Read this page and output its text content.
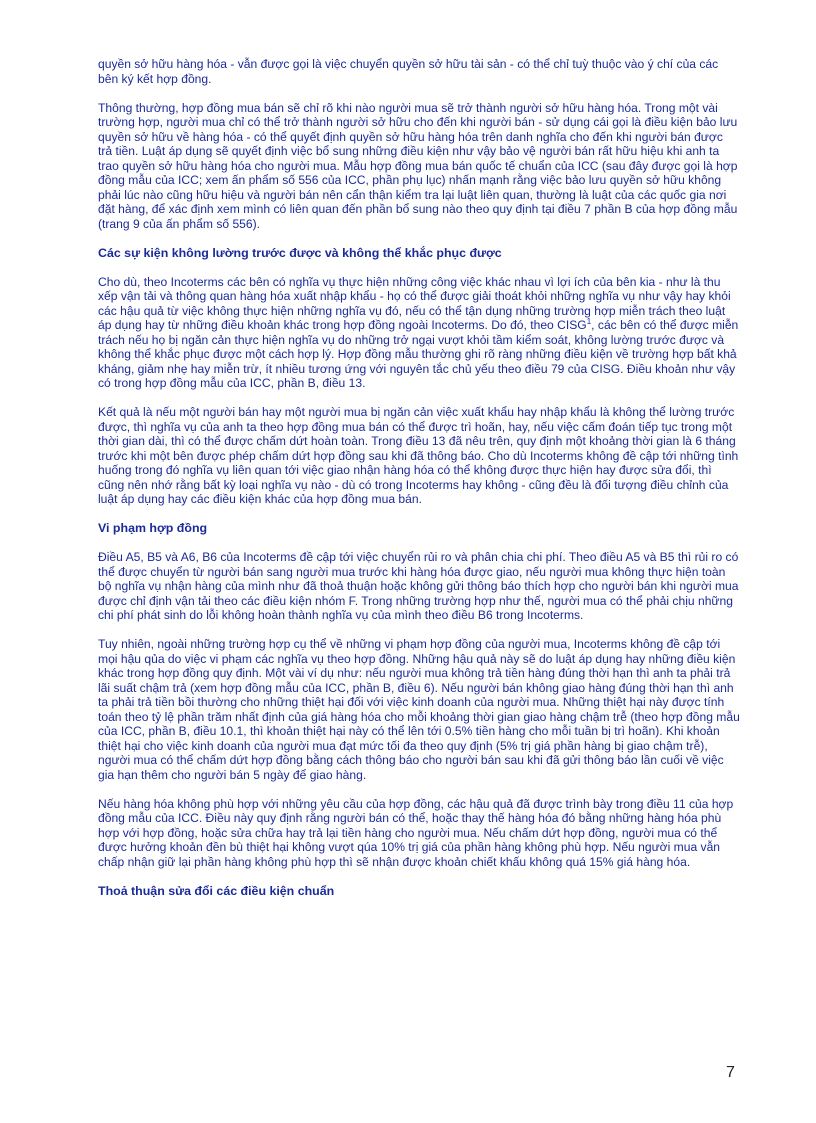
quyền sở hữu hàng hóa - vẫn được gọi là việc chuyển quyền sở hữu tài sản - có thể chỉ tuỳ thuộc vào ý chí của các bên ký kết hợp đồng.

Thông thường, hợp đồng mua bán sẽ chỉ rõ khi nào người mua sẽ trở thành người sở hữu hàng hóa. Trong một vài trường hợp, người mua chỉ có thể trở thành người sở hữu cho đến khi người bán - sử dụng cái gọi là điều kiện bảo lưu quyền sở hữu về hàng hóa - có thể quyết định quyền sở hữu hàng hóa trên danh nghĩa cho đến khi người bán được trả tiền. Luật áp dụng sẽ quyết định việc bổ sung những điều kiện như vậy bảo vệ người bán rất hữu hiệu khi anh ta trao quyền sở hữu hàng hóa cho người mua. Mẫu hợp đồng mua bán quốc tế chuẩn của ICC (sau đây được gọi là hợp đồng mẫu của ICC; xem ấn phẩm số 556 của ICC, phần phụ lục) nhấn mạnh rằng việc bảo lưu quyền sở hữu không phải lúc nào cũng hữu hiệu và người bán nên cẩn thận kiểm tra lại luật liên quan, thường là luật của các quốc gia nơi đặt hàng, để xác định xem mình có liên quan đến phần bổ sung nào theo quy định tại điều 7 phần B của hợp đồng mẫu (trang 9 của ấn phẩm số 556).

Các sự kiện không lường trước được và không thể khắc phục được

Cho dù, theo Incoterms các bên có nghĩa vụ thực hiện những công việc khác nhau vì lợi ích của bên kia - như là thu xếp vận tải và thông quan hàng hóa xuất nhập khẩu - họ có thể được giải thoát khỏi những nghĩa vụ như vậy hay khỏi các hậu quả từ việc không thực hiện những nghĩa vụ đó, nếu có thể tận dụng những trường hợp miễn trách theo luật áp dụng hay từ những điều khoản khác trong hợp đồng ngoài Incoterms. Do đó, theo CISG$^1$, các bên có thể được miễn trách nếu họ bị ngăn cản thực hiện nghĩa vụ do những trở ngại vượt khỏi tầm kiểm soát, không lường trước được và không thể khắc phục được một cách hợp lý. Hợp đồng mẫu thường ghi rõ ràng những điều kiện về trường hợp bất khả kháng, giảm nhẹ hay miễn trừ, ít nhiều tương ứng với nguyên tắc chủ yếu theo điều 79 của CISG. Điều khoản như vậy có trong hợp đồng mẫu của ICC, phần B, điều 13.

Kết quả là nếu một người bán hay một người mua bị ngăn cản việc xuất khẩu hay nhập khẩu là không thể lường trước được, thì nghĩa vụ của anh ta theo hợp đồng mua bán có thể được trì hoãn, hay, nếu việc cấm đoán tiếp tục trong một thời gian dài, thì có thể được chấm dứt hoàn toàn. Trong điều 13 đã nêu trên, quy định một khoảng thời gian là 6 tháng trước khi một bên được phép chấm dứt hợp đồng sau khi đã thông báo. Cho dù Incoterms không đề cập tới những tình huống trong đó nghĩa vụ liên quan tới việc giao nhận hàng hóa có thể không được thực hiện hay được sửa đổi, thì cũng nên nhớ rằng bất kỳ loại nghĩa vụ nào - dù có trong Incoterms hay không - cũng đều là đối tượng điều chỉnh của luật áp dụng hay các điều kiện khác của hợp đồng mua bán.

Vi phạm hợp đồng

Điều A5, B5 và A6, B6 của Incoterms đề cập tới việc chuyển rủi ro và phân chia chi phí. Theo điều A5 và B5 thì rủi ro có thể được chuyển từ người bán sang người mua trước khi hàng hóa được giao, nếu người mua không thực hiện toàn bộ nghĩa vụ nhận hàng của mình như đã thoả thuận hoặc không gửi thông báo thích hợp cho người bán khi người mua được chỉ định vận tải theo các điều kiện nhóm F. Trong những trường hợp như thế, người mua có thể phải chịu những chi phí phát sinh do lỗi không hoàn thành nghĩa vụ của mình theo điều B6 trong Incoterms.

Tuy nhiên, ngoài những trường hợp cụ thể về những vi phạm hợp đồng của người mua, Incoterms không đề cập tới mọi hậu qủa do việc vi phạm các nghĩa vụ theo hợp đồng. Những hậu quả này sẽ do luật áp dụng hay những điều kiện khác trong hợp đồng quy định. Một vài ví dụ như: nếu người mua không trả tiền hàng đúng thời hạn thì anh ta phải trả lãi suất chậm trả (xem hợp đồng mẫu của ICC, phần B, điều 6). Nếu người bán không giao hàng đúng thời hạn thì anh ta phải trả tiền bồi thường cho những thiệt hại đối với việc kinh doanh của người mua. Những thiệt hại này được tính toán theo tỷ lệ phần trăm nhất định của giá hàng hóa cho mỗi khoảng thời gian giao hàng chậm trễ (theo hợp đồng mẫu của ICC, phần B, điều 10.1, thì khoản thiệt hại này có thể lên tới 0.5% tiền hàng cho mỗi tuần bị trì hoãn). Khi khoản thiệt hại cho việc kinh doanh của người mua đạt mức tối đa theo quy định (5% trị giá phần hàng bị giao chậm trễ), người mua có thể chấm dứt hợp đồng bằng cách thông báo cho người bán sau khi đã gửi thông báo lần cuối về việc gia hạn thêm cho người bán 5 ngày để giao hàng.

Nếu hàng hóa không phù hợp với những yêu cầu của hợp đồng, các hậu quả đã được trình bày trong điều 11 của hợp đồng mẫu của ICC. Điều này quy định rằng người bán có thể, hoặc thay thế hàng hóa đó bằng những hàng hóa phù hợp với hợp đồng, hoặc sửa chữa hay trả lại tiền hàng cho người mua. Nếu chấm dứt hợp đồng, người mua có thể được hưởng khoản đền bù thiệt hại không vượt qúa 10% trị giá của phần hàng không phù hợp. Nếu người mua vẫn chấp nhận giữ lại phần hàng không phù hợp thì sẽ nhận được khoản chiết khấu không quá 15% giá hàng hóa.

Thoả thuận sửa đổi các điều kiện chuẩn
7
